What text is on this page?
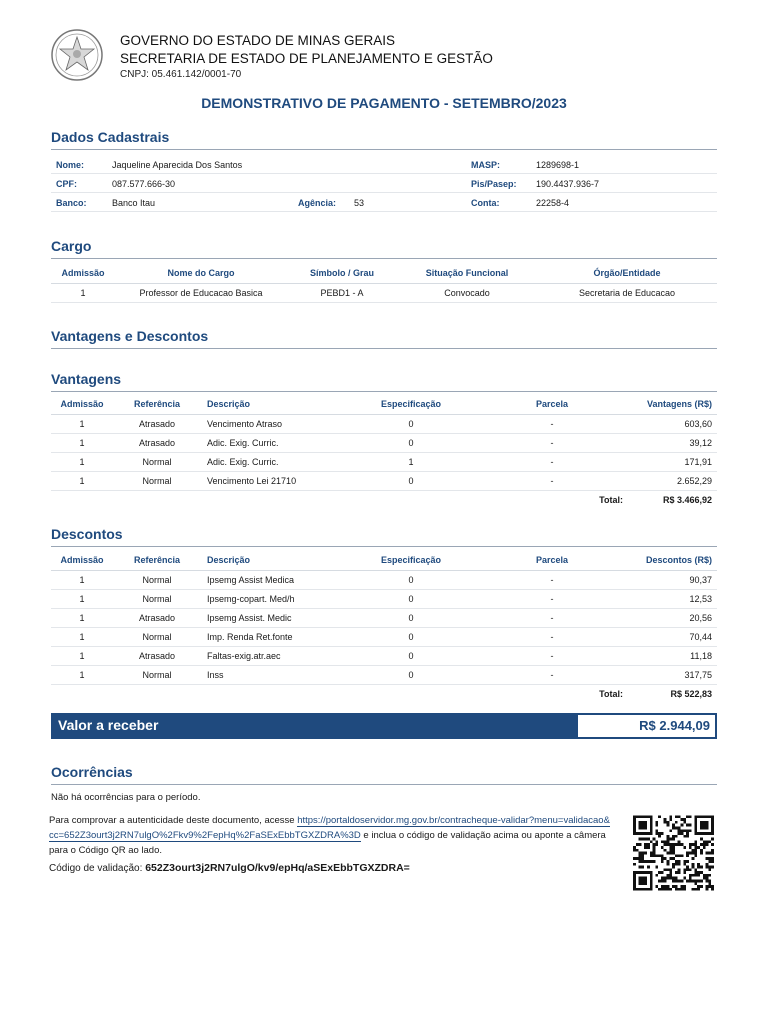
GOVERNO DO ESTADO DE MINAS GERAIS
SECRETARIA DE ESTADO DE PLANEJAMENTO E GESTÃO
CNPJ: 05.461.142/0001-70
DEMONSTRATIVO DE PAGAMENTO - SETEMBRO/2023
Dados Cadastrais
Nome:	Jaqueline Aparecida Dos Santos	MASP:	1289698-1
CPF:	087.577.666-30	Pis/Pasep: 190.4437.936-7
Banco:	Banco Itau	Agência: 53	Conta:	22258-4
Cargo
Admissão	Nome do Cargo	Símbolo / Grau	Situação Funcional	Órgão/Entidade
1	Professor de Educacao Basica	PEBD1 - A	Convocado	Secretaria de Educacao
Vantagens e Descontos
Vantagens
Admissão	Referência	Descrição	Especificação	Parcela	Vantagens (R$)
1	Atrasado	Vencimento Atraso	0	-	603,60
1	Atrasado	Adic. Exig. Curric.	0	-	39,12
1	Normal	Adic. Exig. Curric.	1	-	171,91
1	Normal	Vencimento Lei 21710	0	-	2.652,29
				Total:	R$ 3.466,92
Descontos
Admissão	Referência	Descrição	Especificação	Parcela	Descontos (R$)
1	Normal	Ipsemg Assist Medica	0	-	90,37
1	Normal	Ipsemg-copart. Med/h	0	-	12,53
1	Atrasado	Ipsemg Assist. Medic	0	-	20,56
1	Normal	Imp. Renda Ret.fonte	0	-	70,44
1	Atrasado	Faltas-exig.atr.aec	0	-	11,18
1	Normal	Inss	0	-	317,75
				Total:	R$ 522,83
Valor a receber	R$ 2.944,09
Ocorrências
Não há ocorrências para o período.
Para comprovar a autenticidade deste documento, acesse https://portaldoservidor.mg.gov.br/contracheque-validar?menu=validacao&cc=652Z3ourt3j2RN7ulgO%2Fkv9%2FepHq%2FaSExEbbTGXZDRA%3D e inclua o código de validação acima ou aponte a câmera para o Código QR ao lado.
Código de validação: 652Z3ourt3j2RN7ulgO/kv9/epHq/aSExEbbTGXZDRA=
